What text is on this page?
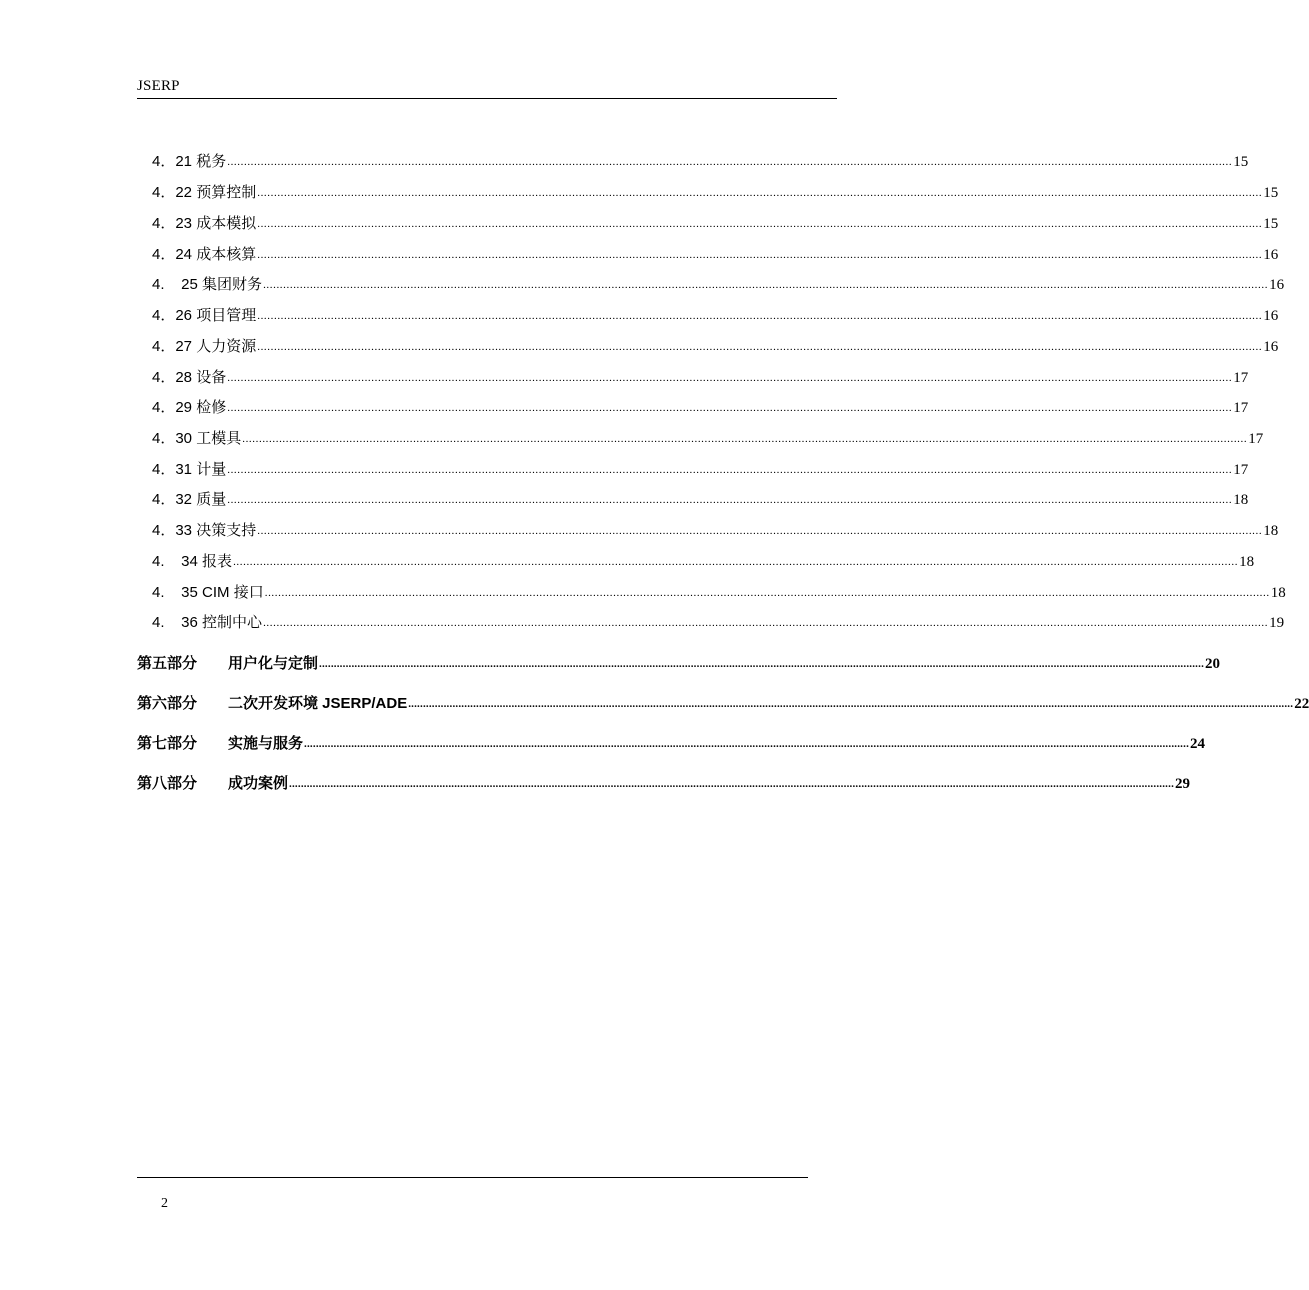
JSERP
4．21 税务 ............................................................................................................................................................................................................................................................................................................ 15
4．22 预算控制 ............................................................................................................................................................................................................................................................................................................ 15
4．23 成本模拟 ............................................................................................................................................................................................................................................................................................................ 15
4．24 成本核算 ............................................................................................................................................................................................................................................................................................................ 16
4.    25 集团财务 ............................................................................................................................................................................................................................................................................................................ 16
4．26 项目管理 ............................................................................................................................................................................................................................................................................................................ 16
4．27 人力资源 ............................................................................................................................................................................................................................................................................................................ 16
4．28 设备 ............................................................................................................................................................................................................................................................................................................ 17
4．29 检修 ............................................................................................................................................................................................................................................................................................................ 17
4．30 工模具 ............................................................................................................................................................................................................................................................................................................ 17
4．31 计量 ............................................................................................................................................................................................................................................................................................................ 17
4．32 质量 ............................................................................................................................................................................................................................................................................................................ 18
4．33 决策支持 ............................................................................................................................................................................................................................................................................................................ 18
4.    34 报表 ............................................................................................................................................................................................................................................................................................................ 18
4.    35 CIM 接口 ............................................................................................................................................................................................................................................................................................................ 18
4.    36 控制中心 ............................................................................................................................................................................................................................................................................................................ 19
第五部分	用户化与定制 ............................................................................................................................................................................................................................................................................................................ 20
第六部分	二次开发环境 JSERP/ADE ............................................................................................................................................................................................................................................................................................................ 22
第七部分	实施与服务 ............................................................................................................................................................................................................................................................................................................ 24
第八部分	成功案例 ............................................................................................................................................................................................................................................................................................................ 29
2
